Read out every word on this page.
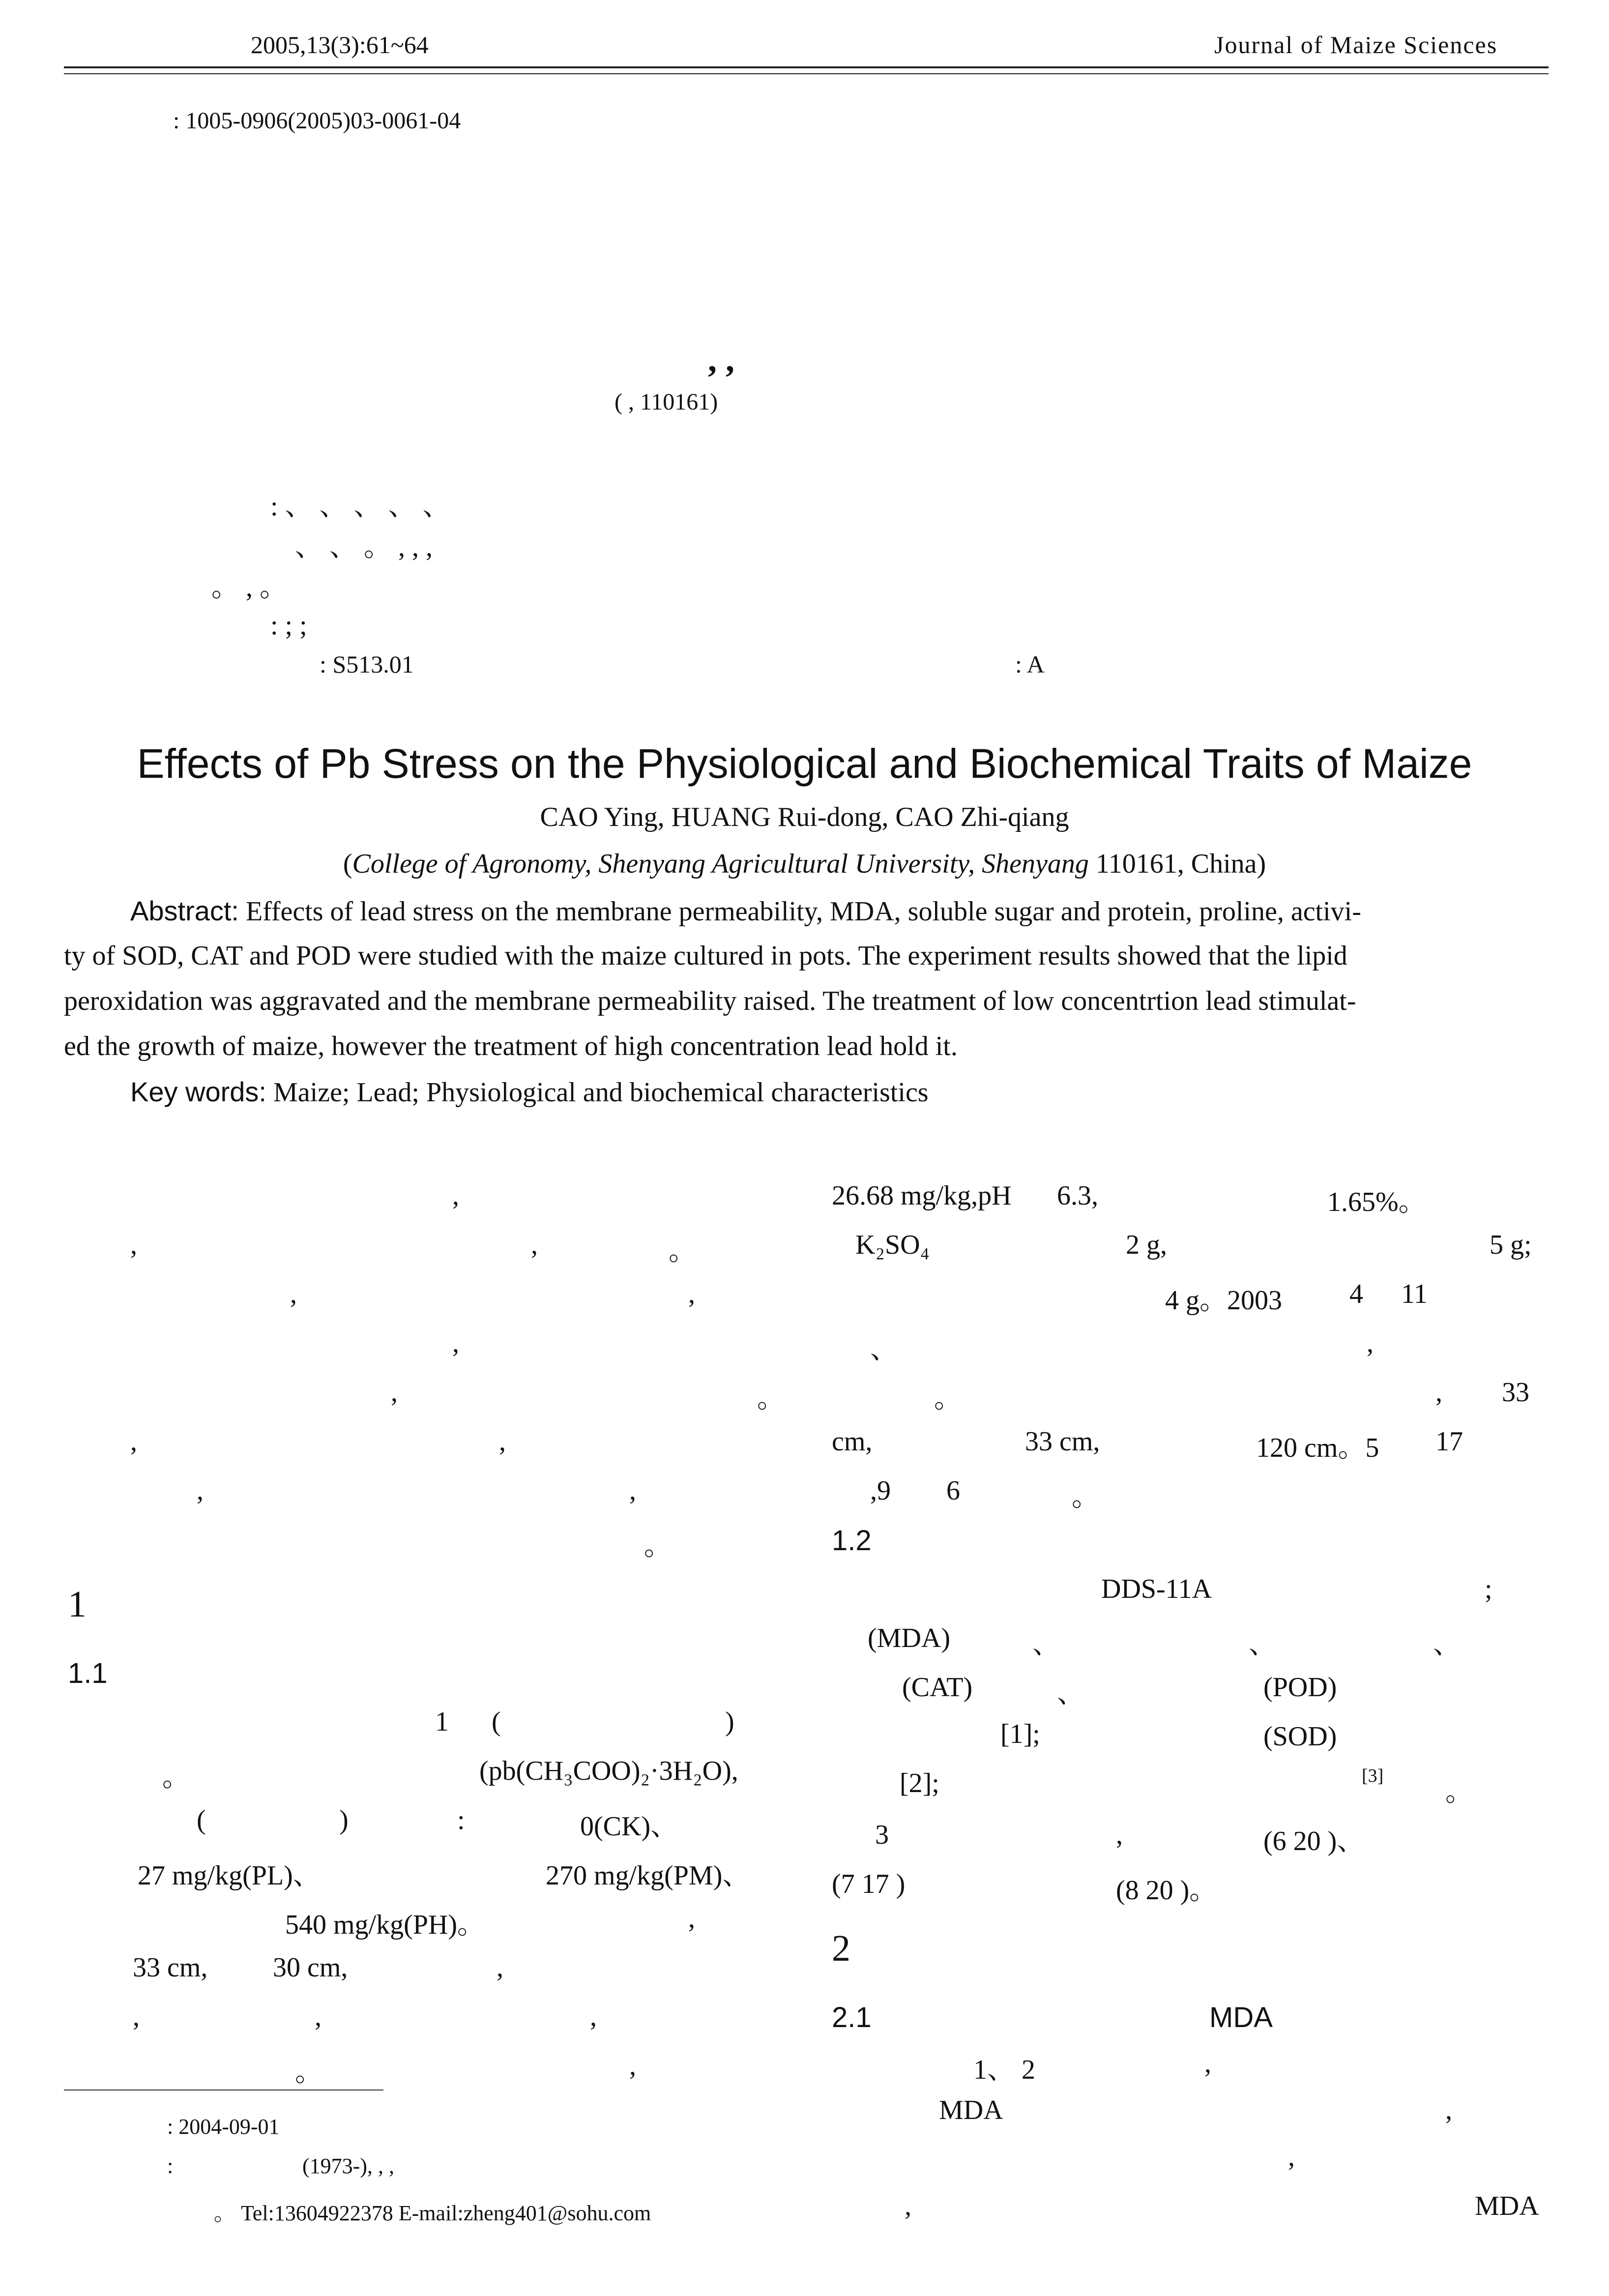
2005,13(3):61~64	Journal of Maize Sciences
: 1005-0906(2005)03-0061-04
, ,
( , 110161)
: 、 、 、 、 、
、 、 。 , , ,
。 , 。
: ; ;
: S513.01	: A
Effects of Pb Stress on the Physiological and Biochemical Traits of Maize
CAO Ying, HUANG Rui-dong, CAO Zhi-qiang
(College of Agronomy, Shenyang Agricultural University, Shenyang 110161, China)
Abstract: Effects of lead stress on the membrane permeability, MDA, soluble sugar and protein, proline, activi-
ty of SOD, CAT and POD were studied with the maize cultured in pots. The experiment results showed that the lipid
peroxidation was aggravated and the membrane permeability raised. The treatment of low concentrtion lead stimulat-
ed the growth of maize, however the treatment of high concentration lead hold it.
Key words: Maize; Lead; Physiological and biochemical characteristics
,
,	,	。
,	,
,
,	。
,	,
,	,
。
1
1.1
1 (	)
。	(pb(CH₃COO)₂·3H₂O),
(	)	:	0(CK)、
27 mg/kg(PL)、	270 mg/kg(PM)、
540 mg/kg(PH)。	,
33 cm, 30 cm,	,
,	,	,
。	,
: 2004-09-01
:	(1973-), , ,
。 Tel:13604922378 E-mail:zheng401@sohu.com
26.68 mg/kg,pH 6.3,	1.65%。
K₂SO₄	2 g,	5 g;
4 g。2003 4 11
、	,
。	, 33
cm,	33 cm,	120 cm。5 17
,9 6	。
1.2
DDS-11A	;
(MDA)	、	、	、
(CAT)	、	(POD)
[1];	(SOD)
[2];	[3]
。
3	,	(6 20 )、
(7 17 )	(8 20 )。
2
2.1	MDA
1、 2	,
MDA	,
,
,	MDA
